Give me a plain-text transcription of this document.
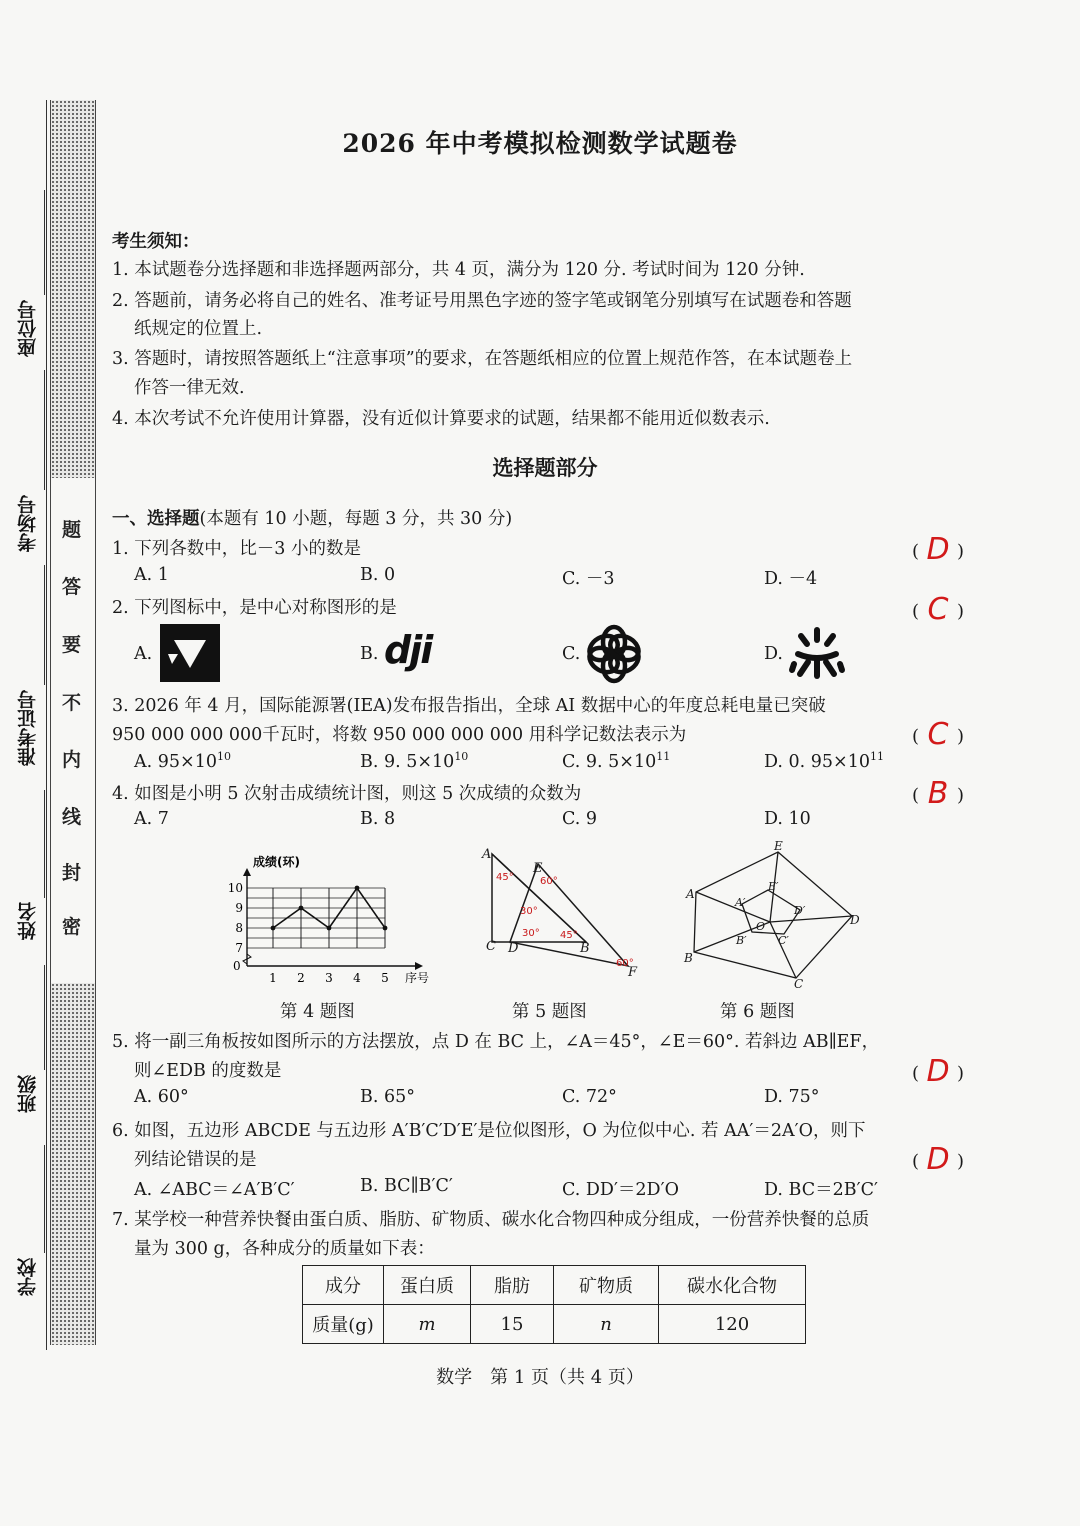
题
答
要
不
内
线
封
密
座位号
考场号
准考证号
姓名
班级
学校
2026 年中考模拟检测数学试题卷
考生须知：
1. 本试题卷分选择题和非选择题两部分，共 4 页，满分为 120 分. 考试时间为 120 分钟.
2. 答题前，请务必将自己的姓名、准考证号用黑色字迹的签字笔或钢笔分别填写在试题卷和答题
纸规定的位置上.
3. 答题时，请按照答题纸上“注意事项”的要求，在答题纸相应的位置上规范作答，在本试题卷上
作答一律无效.
4. 本次考试不允许使用计算器，没有近似计算要求的试题，结果都不能用近似数表示.
选择题部分
一、选择题(本题有 10 小题，每题 3 分，共 30 分)
1. 下列各数中，比－3 小的数是	( D )
A. 1	B. 0	C. －3	D. －4
2. 下列图标中，是中心对称图形的是	( C )
A.	B. dji	C.	D.
3. 2026 年 4 月，国际能源署(IEA)发布报告指出，全球 AI 数据中心的年度总耗电量已突破
950 000 000 000千瓦时，将数 950 000 000 000 用科学记数法表示为	( C )
A. $95\times 10^{10}$	B. 9. $5\times 10^{10}$	C. 9. $5\times 10^{11}$	D. 0. $95\times 10^{11}$
4. 如图是小明 5 次射击成绩统计图，则这 5 次成绩的众数为	( B )
A. 7	B. 8	C. 9	D. 10
成绩(环)
7
8
9
10
1 2 3 4 5
0
序号
A
E
C D	B
F
45°	60°
30°
45°
30°
60°
E
A
D
B
C
A′
E′
D′
O
B′	C′
第 4 题图	第 5 题图	第 6 题图
5. 将一副三角板按如图所示的方法摆放，点 D 在 BC 上，∠A＝45°，∠E＝60°. 若斜边 AB∥EF，
则∠EDB 的度数是	( D )
A. 60°	B. 65°	C. 72°	D. 75°
6. 如图，五边形 ABCDE 与五边形 A′B′C′D′E′是位似图形，O 为位似中心. 若 AA′＝2A′O，则下
列结论错误的是	( D )
A. ∠ABC＝∠A′B′C′	B. BC∥B′C′	C. DD′＝2D′O	D. BC＝2B′C′
7. 某学校一种营养快餐由蛋白质、脂肪、矿物质、碳水化合物四种成分组成，一份营养快餐的总质
量为 300 g，各种成分的质量如下表：
成分	蛋白质	脂肪	矿物质	碳水化合物
质量(g)	m	15	n	120
数学　第 1 页（共 4 页）
